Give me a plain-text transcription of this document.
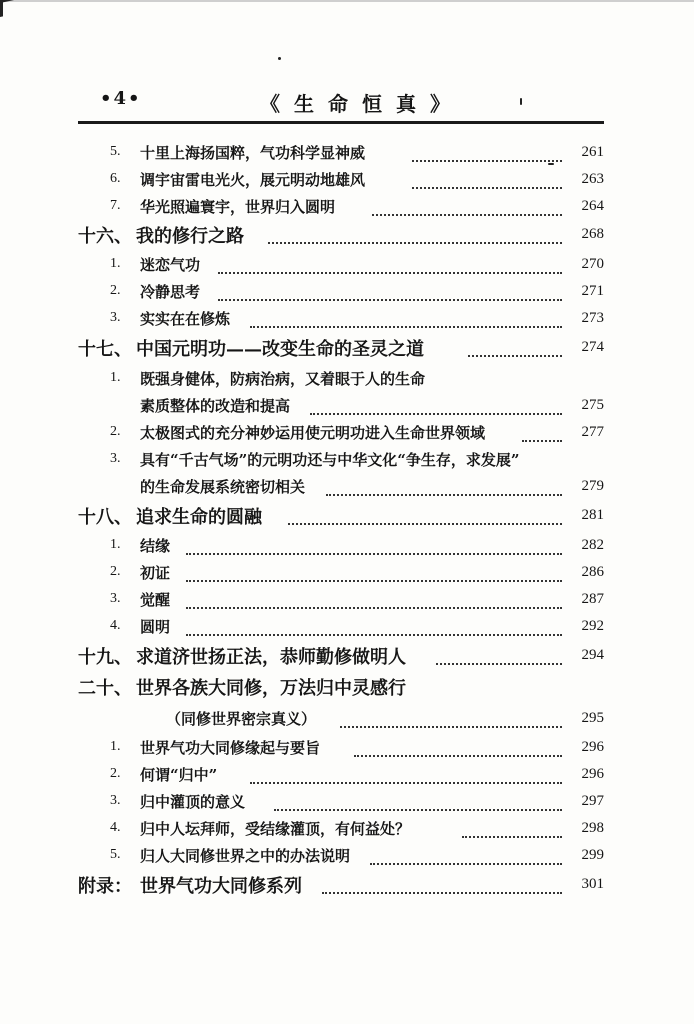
•4•	《生命恒真》
5. 十里上海扬国粹，气功科学显神威	261
6. 调宇宙雷电光火，展元明动地雄风	263
7. 华光照遍寰宇，世界归入圆明	264
十六、 我的修行之路	268
1. 迷恋气功	270
2. 冷静思考	271
3. 实实在在修炼	273
十七、 中国元明功——改变生命的圣灵之道	274
1. 既强身健体，防病治病，又着眼于人的生命
素质整体的改造和提高	275
2. 太极图式的充分神妙运用使元明功进入生命世界领域	277
3. 具有“千古气场”的元明功还与中华文化“争生存，求发展”
的生命发展系统密切相关	279
十八、 追求生命的圆融	281
1. 结缘	282
2. 初证	286
3. 觉醒	287
4. 圆明	292
十九、 求道济世扬正法，恭师勤修做明人	294
二十、 世界各族大同修，万法归中灵感行
（同修世界密宗真义）	295
1. 世界气功大同修缘起与要旨	296
2. 何谓“归中”	296
3. 归中灌顶的意义	297
4. 归中人坛拜师，受结缘灌顶，有何益处？	298
5. 归人大同修世界之中的办法说明	299
附录： 世界气功大同修系列	301
